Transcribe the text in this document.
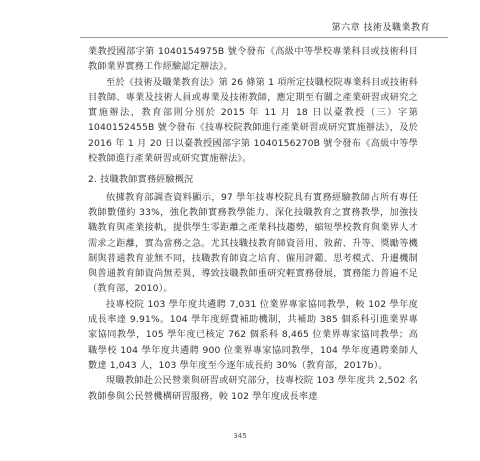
第六章 技術及職業教育

業教授國部字第 1040154975B 號令發布《高級中等學校專業科目或技術科目教師業界實務工作經驗認定辦法》。

至於《技術及職業教育法》第 26 條第 1 項所定技職校院專業科目或技術科目教師、專業及技術人員或專業及技術教師，應定期至有關之產業研習或研究之實施辦法，教育部則分別於 2015 年 11 月 18 日以臺教授（三）字第 1040152455B 號令發布《技專校院教師進行產業研習或研究實施辦法》，及於 2016 年 1 月 20 日以臺教授國部字第 1040156270B 號令發布《高級中等學校教師進行產業研習或研究實施辦法》。

2. 技職教師實務經驗概況

依據教育部調查資料顯示，97 學年技專校院具有實務經驗教師占所有專任教師數僅約 33%，強化教師實務教學能力、深化技職教育之實務教學，加強技職教育與產業接軌，提供學生零距離之產業科技趨勢，縮短學校教育與業界人才需求之距離，實為當務之急。尤其技職技教育師資晉用、敘薪、升等、獎勵等機制與普通教育並無不同，技職教育師資之培育、僱用評鑑、思考模式、升遷機制與普通教育師資尚無差異，導致技職教師重研究輕實務發展，實務能力普遍不足（教育部，2010）。

技專校院 103 學年度共遴聘 7,031 位業界專家協同教學，較 102 學年度成長率達 9.91%。104 學年度經費補助機制，共補助 385 個系科引進業界專家協同教學，105 學年度已核定 762 個系科 8,465 位業界專家協同教學；高職學校 104 學年度共遴聘 900 位業界專家協同教學，104 學年度遴聘業師人數達 1,043 人，103 學年度至今逐年成長約 30%（教育部，2017b）。

現職教師赴公民營業與研習或研究部分，技專校院 103 學年度共 2,502 名教師參與公民營機構研習服務，較 102 學年度成長率達

345
